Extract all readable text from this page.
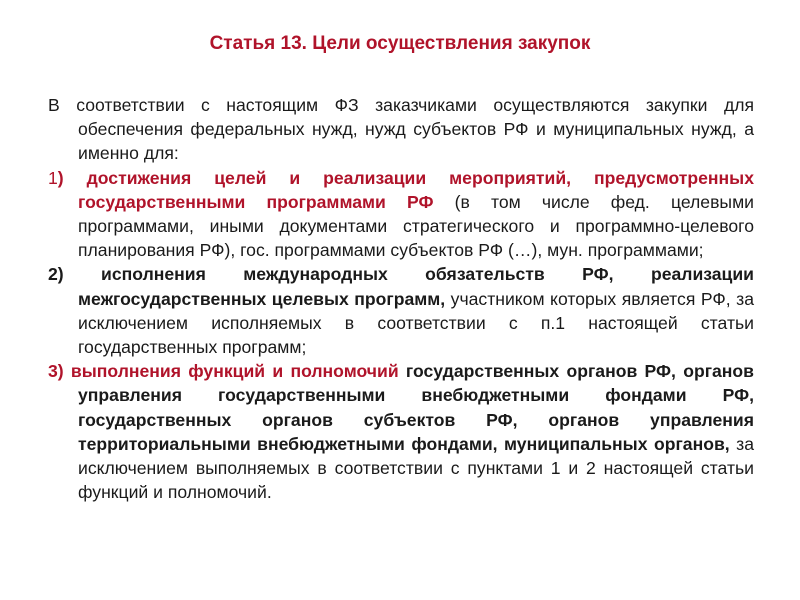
Статья 13. Цели осуществления закупок

В соответствии с настоящим ФЗ заказчиками осуществляются закупки для обеспечения федеральных нужд, нужд субъектов РФ и муниципальных нужд, а именно для:

1) достижения целей и реализации мероприятий, предусмотренных государственными программами РФ (в том числе фед. целевыми программами, иными документами стратегического и программно-целевого планирования РФ), гос. программами субъектов РФ (…), мун. программами;

2) исполнения международных обязательств РФ, реализации межгосударственных целевых программ, участником которых является РФ, за исключением исполняемых в соответствии с п.1 настоящей статьи государственных программ;

3) выполнения функций и полномочий государственных органов РФ, органов управления государственными внебюджетными фондами РФ, государственных органов субъектов РФ, органов управления территориальными внебюджетными фондами, муниципальных органов, за исключением выполняемых в соответствии с пунктами 1 и 2 настоящей статьи функций и полномочий.
